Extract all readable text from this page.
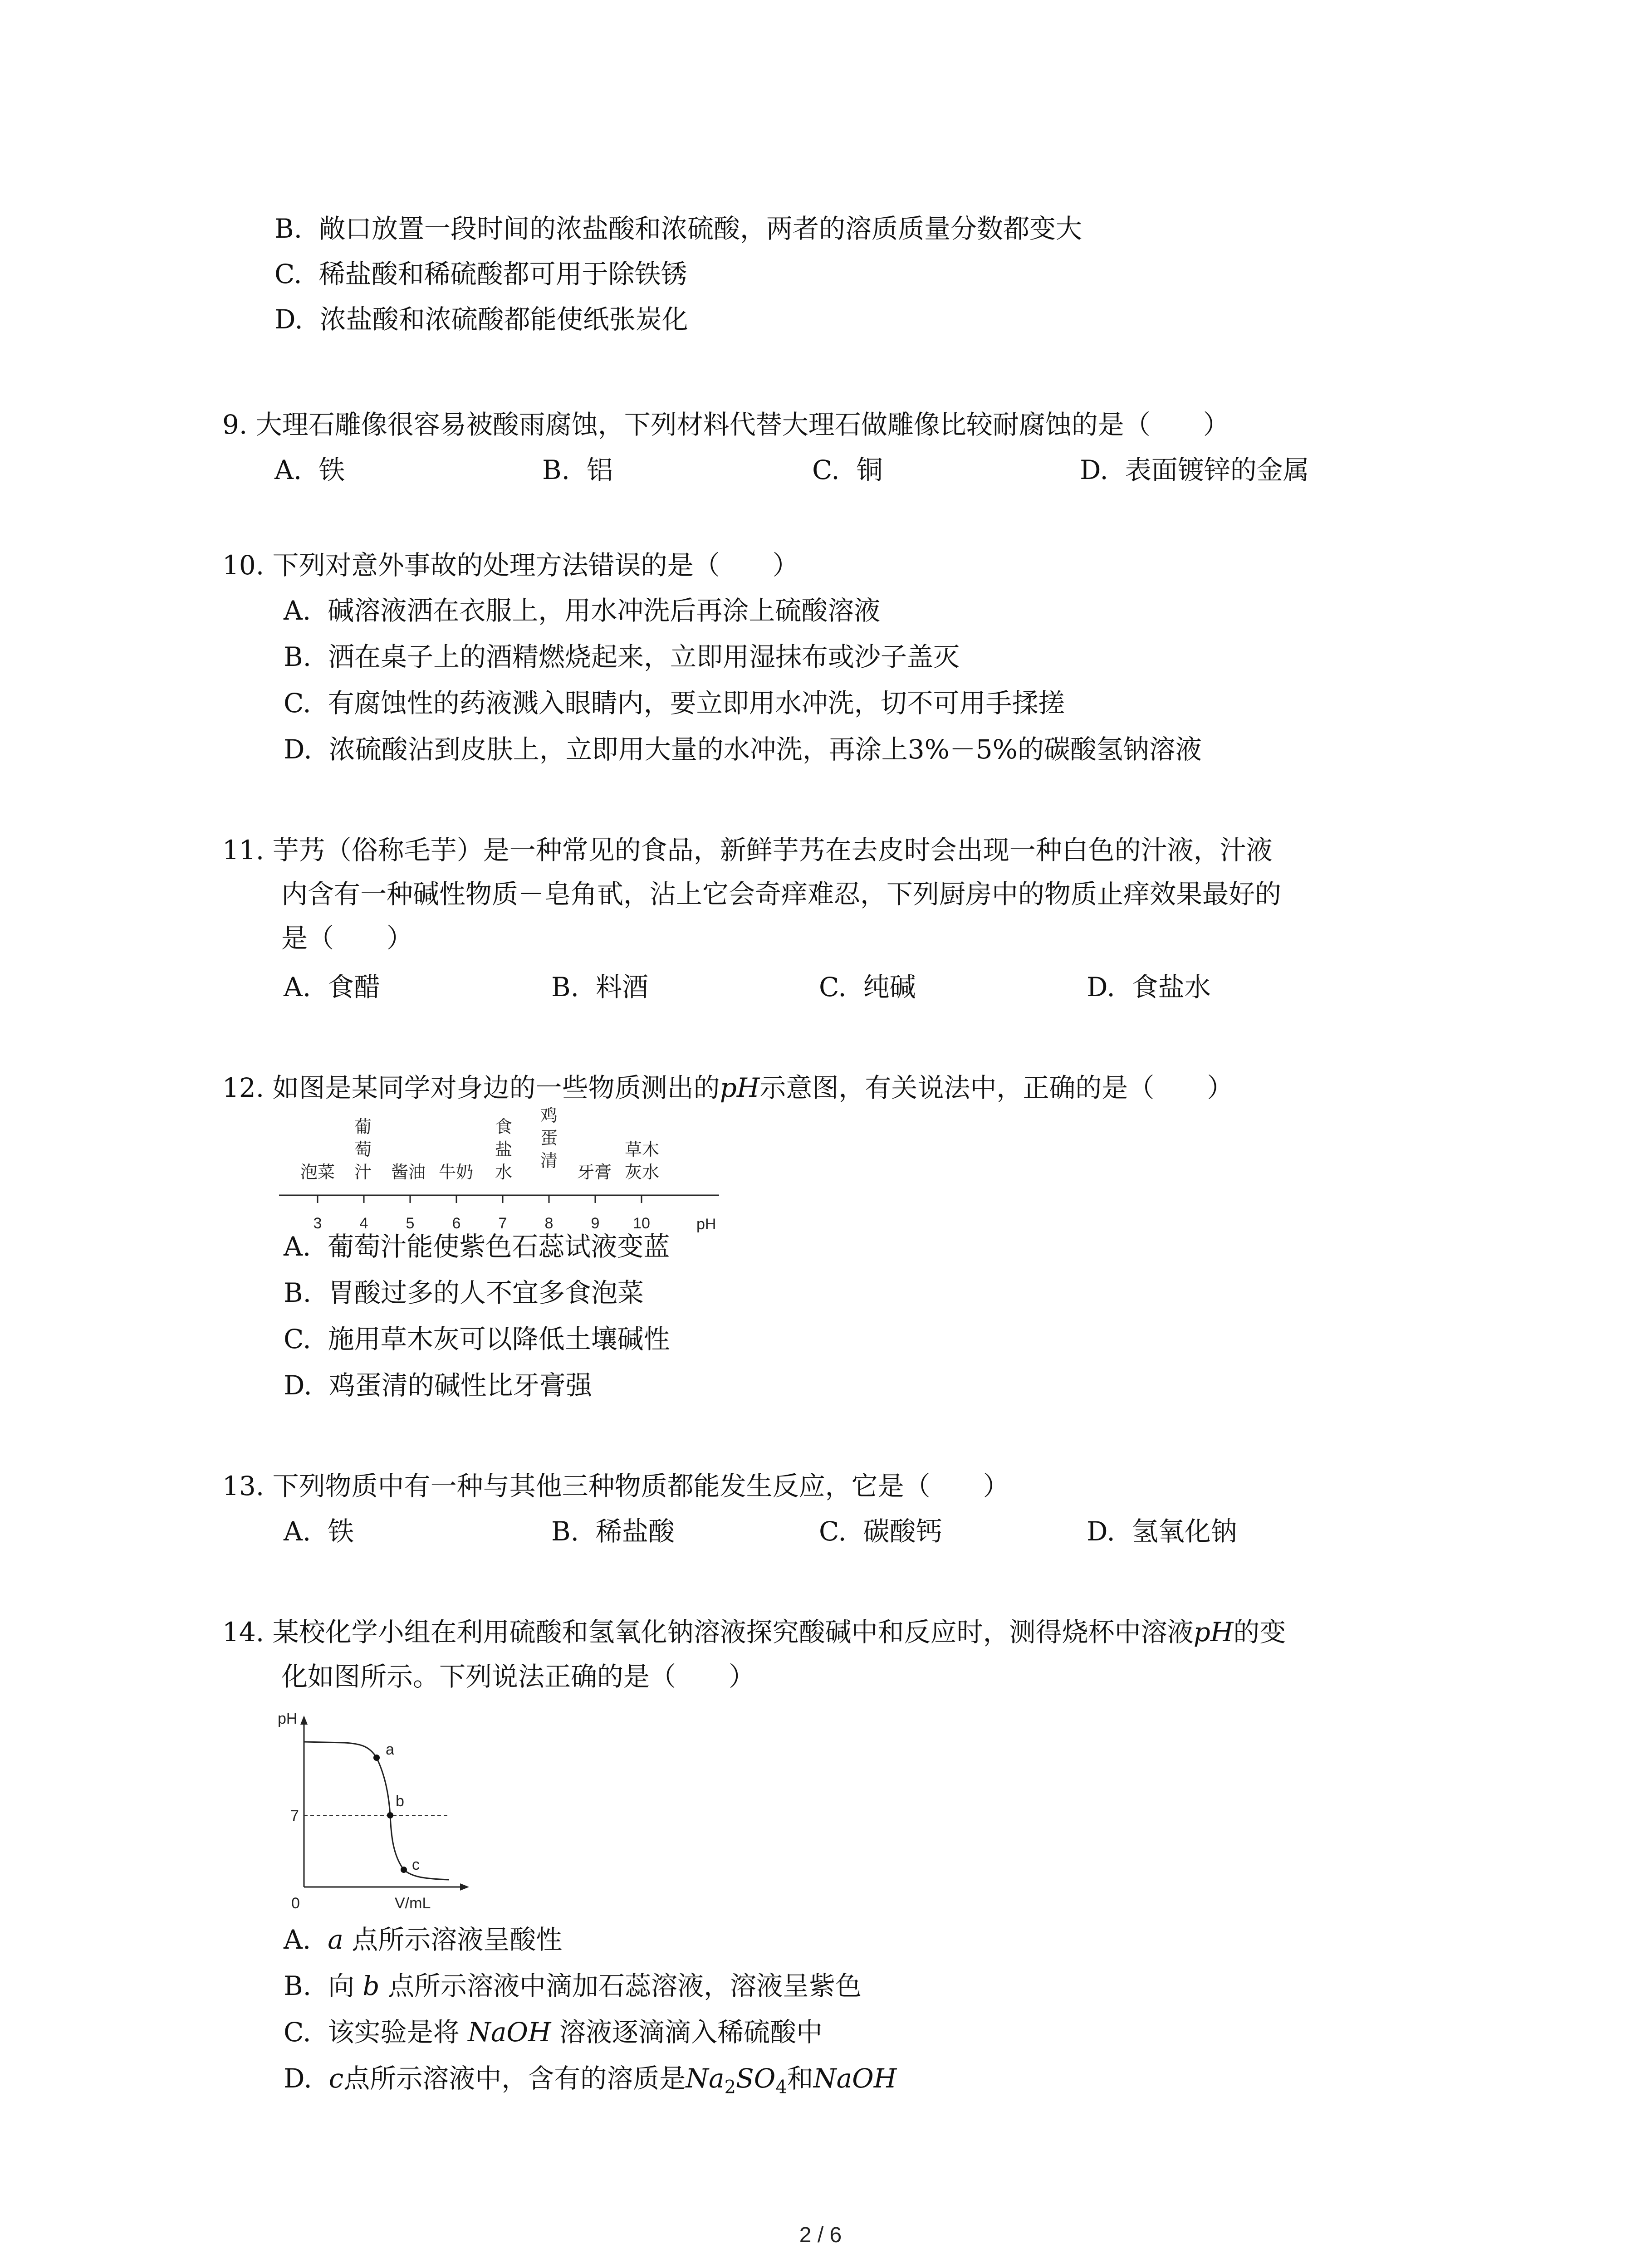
B. 敞口放置一段时间的浓盐酸和浓硫酸，两者的溶质质量分数都变大
C. 稀盐酸和稀硫酸都可用于除铁锈
D. 浓盐酸和浓硫酸都能使纸张炭化
9. 大理石雕像很容易被酸雨腐蚀，下列材料代替大理石做雕像比较耐腐蚀的是（　　）
A. 铁	B. 铝	C. 铜	D. 表面镀锌的金属
10. 下列对意外事故的处理方法错误的是（　　）
A. 碱溶液洒在衣服上，用水冲洗后再涂上硫酸溶液
B. 洒在桌子上的酒精燃烧起来，立即用湿抹布或沙子盖灭
C. 有腐蚀性的药液溅入眼睛内，要立即用水冲洗，切不可用手揉搓
D. 浓硫酸沾到皮肤上，立即用大量的水冲洗，再涂上3%－5%的碳酸氢钠溶液
11. 芋艿（俗称毛芋）是一种常见的食品，新鲜芋艿在去皮时会出现一种白色的汁液，汁液
内含有一种碱性物质－皂角甙，沾上它会奇痒难忍，下列厨房中的物质止痒效果最好的
是（　　）
A. 食醋	B. 料酒	C. 纯碱	D. 食盐水
12. 如图是某同学对身边的一些物质测出的pH示意图，有关说法中，正确的是（　　）
泡菜
葡
萄
汁 酱油 牛奶
食
盐
水
鸡
蛋
清
牙膏
草木
灰水
3 4 5 6 7 8 9 10	pH
A. 葡萄汁能使紫色石蕊试液变蓝
B. 胃酸过多的人不宜多食泡菜
C. 施用草木灰可以降低土壤碱性
D. 鸡蛋清的碱性比牙膏强
13. 下列物质中有一种与其他三种物质都能发生反应，它是（　　）
A. 铁	B. 稀盐酸	C. 碳酸钙	D. 氢氧化钠
14. 某校化学小组在利用硫酸和氢氧化钠溶液探究酸碱中和反应时，测得烧杯中溶液pH的变
化如图所示。下列说法正确的是（　　）
pH
V/mL
0
7
a
b
c
A. a 点所示溶液呈酸性
B. 向 b 点所示溶液中滴加石蕊溶液，溶液呈紫色
C. 该实验是将 NaOH 溶液逐滴滴入稀硫酸中
D. c点所示溶液中，含有的溶质是$Na_2SO_4$和NaOH
2 / 6
